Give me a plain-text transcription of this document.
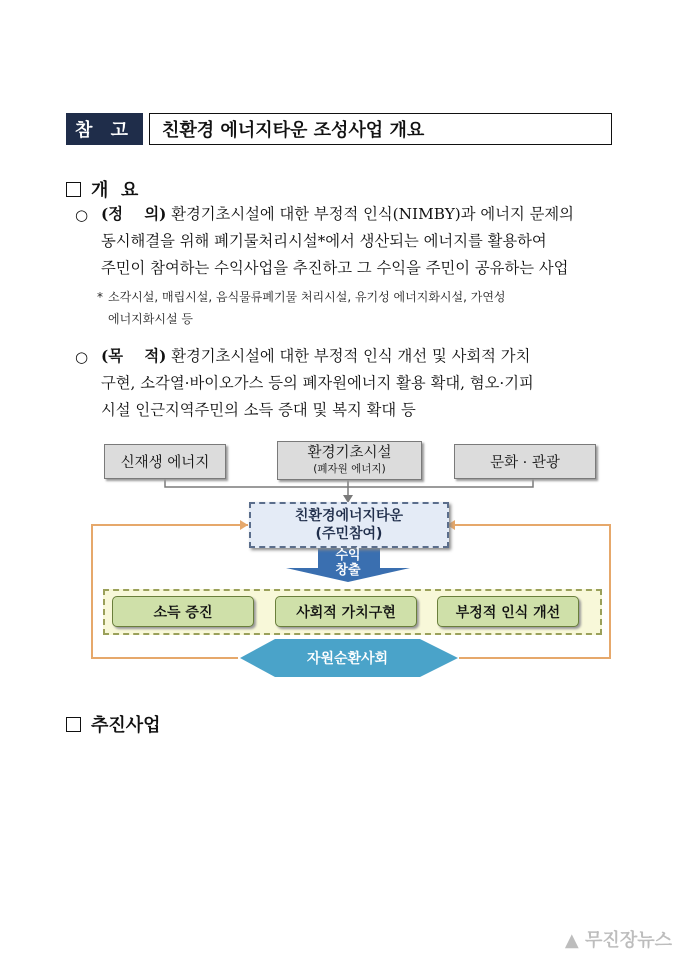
참 고	친환경 에너지타운 조성사업 개요
개  요
○ (정    의) 환경기초시설에 대한 부정적 인식(NIMBY)과 에너지 문제의
동시해결을 위해 폐기물처리시설*에서 생산되는 에너지를 활용하여
주민이 참여하는 수익사업을 추진하고 그 수익을 주민이 공유하는 사업
* 소각시설, 매립시설, 음식물류폐기물 처리시설, 유기성 에너지화시설, 가연성
에너지화시설 등
○ (목    적) 환경기초시설에 대한 부정적 인식 개선 및 사회적 가치
구현, 소각열·바이오가스 등의 폐자원에너지 활용 확대, 혐오·기피
시설 인근지역주민의 소득 증대 및 복지 확대 등
신재생 에너지
환경기초시설
(폐자원 에너지)	문화 · 관광
친환경에너지타운
(주민참여)
수익
창출
소득 증진	사회적 가치구현	부정적 인식 개선
자원순환사회
추진사업
▲ 무진장뉴스
